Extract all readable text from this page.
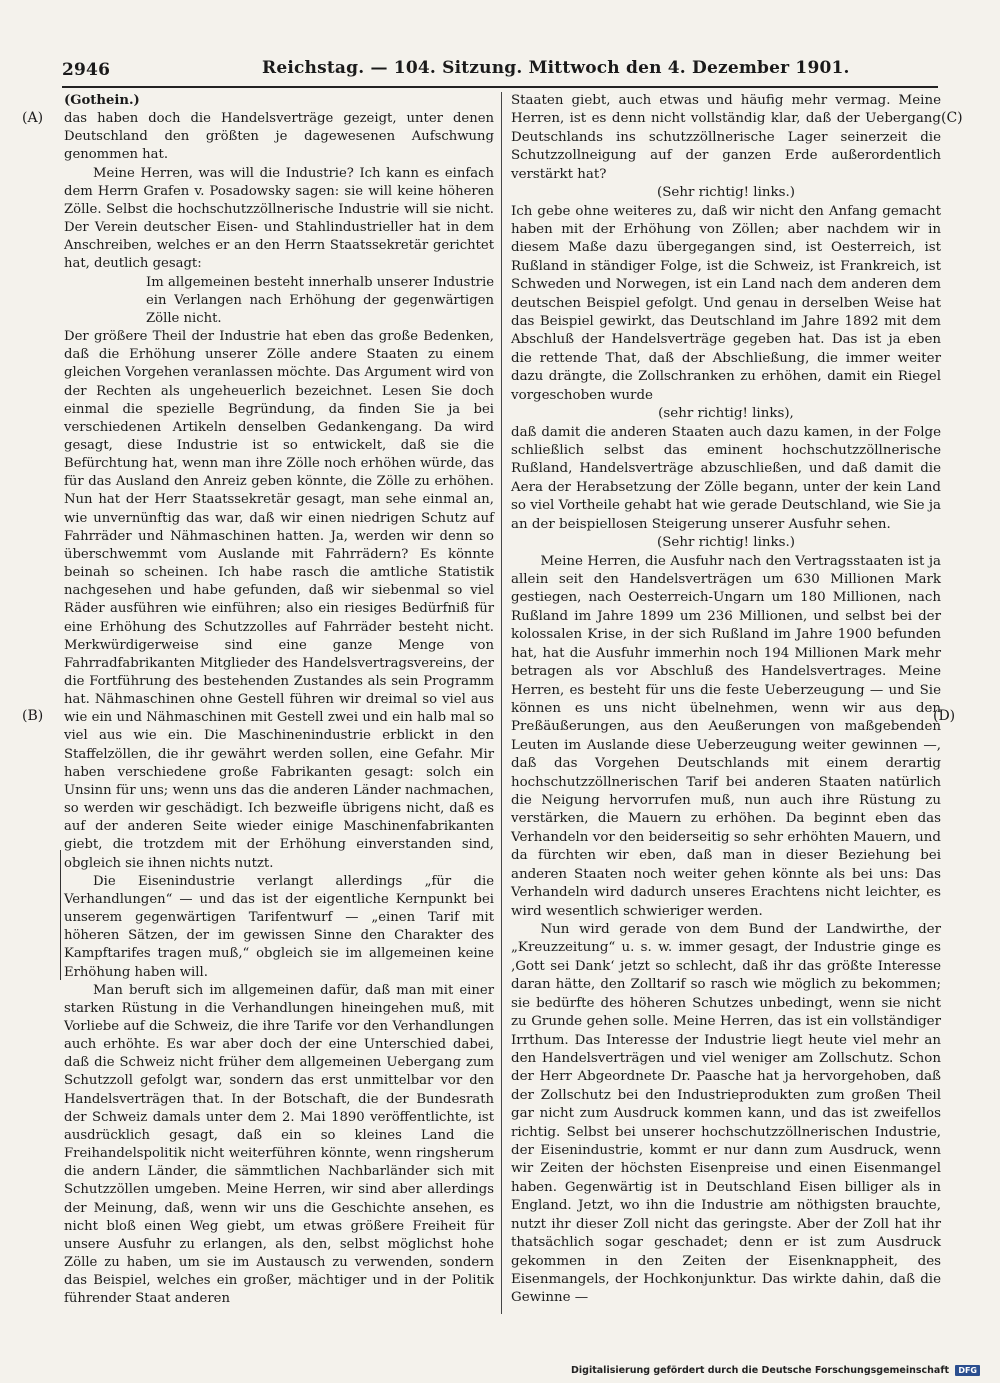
2946	Reichstag. — 104. Sitzung. Mittwoch den 4. Dezember 1901.
(A)
(B)
(C)
(D)

(Gothein.)

das haben doch die Handelsverträge gezeigt, unter denen Deutschland den größten je dagewesenen Aufschwung genommen hat.

Meine Herren, was will die Industrie? Ich kann es einfach dem Herrn Grafen v. Posadowsky sagen: sie will keine höheren Zölle. Selbst die hochschutzzöllnerische Industrie will sie nicht. Der Verein deutscher Eisen- und Stahlindustrieller hat in dem Anschreiben, welches er an den Herrn Staatssekretär gerichtet hat, deutlich gesagt:

Im allgemeinen besteht innerhalb unserer Industrie ein Verlangen nach Erhöhung der gegenwärtigen Zölle nicht.

Der größere Theil der Industrie hat eben das große Bedenken, daß die Erhöhung unserer Zölle andere Staaten zu einem gleichen Vorgehen veranlassen möchte. Das Argument wird von der Rechten als ungeheuerlich bezeichnet. Lesen Sie doch einmal die spezielle Begründung, da finden Sie ja bei verschiedenen Artikeln denselben Gedankengang. Da wird gesagt, diese Industrie ist so entwickelt, daß sie die Befürchtung hat, wenn man ihre Zölle noch erhöhen würde, das für das Ausland den Anreiz geben könnte, die Zölle zu erhöhen. Nun hat der Herr Staatssekretär gesagt, man sehe einmal an, wie unvernünftig das war, daß wir einen niedrigen Schutz auf Fahrräder und Nähmaschinen hatten. Ja, werden wir denn so überschwemmt vom Auslande mit Fahrrädern? Es könnte beinah so scheinen. Ich habe rasch die amtliche Statistik nachgesehen und habe gefunden, daß wir siebenmal so viel Räder ausführen wie einführen; also ein riesiges Bedürfniß für eine Erhöhung des Schutzzolles auf Fahrräder besteht nicht. Merkwürdigerweise sind eine ganze Menge von Fahrradfabrikanten Mitglieder des Handelsvertragsvereins, der die Fortführung des bestehenden Zustandes als sein Programm hat. Nähmaschinen ohne Gestell führen wir dreimal so viel aus wie ein und Nähmaschinen mit Gestell zwei und ein halb mal so viel aus wie ein. Die Maschinenindustrie erblickt in den Staffelzöllen, die ihr gewährt werden sollen, eine Gefahr. Mir haben verschiedene große Fabrikanten gesagt: solch ein Unsinn für uns; wenn uns das die anderen Länder nachmachen, so werden wir geschädigt. Ich bezweifle übrigens nicht, daß es auf der anderen Seite wieder einige Maschinenfabrikanten giebt, die trotzdem mit der Erhöhung einverstanden sind, obgleich sie ihnen nichts nutzt.

Die Eisenindustrie verlangt allerdings „für die Verhandlungen“ — und das ist der eigentliche Kernpunkt bei unserem gegenwärtigen Tarifentwurf — „einen Tarif mit höheren Sätzen, der im gewissen Sinne den Charakter des Kampftarifes tragen muß,“ obgleich sie im allgemeinen keine Erhöhung haben will.

Man beruft sich im allgemeinen dafür, daß man mit einer starken Rüstung in die Verhandlungen hineingehen muß, mit Vorliebe auf die Schweiz, die ihre Tarife vor den Verhandlungen auch erhöhte. Es war aber doch der eine Unterschied dabei, daß die Schweiz nicht früher dem allgemeinen Uebergang zum Schutzzoll gefolgt war, sondern das erst unmittelbar vor den Handelsverträgen that. In der Botschaft, die der Bundesrath der Schweiz damals unter dem 2. Mai 1890 veröffentlichte, ist ausdrücklich gesagt, daß ein so kleines Land die Freihandelspolitik nicht weiterführen könnte, wenn ringsherum die andern Länder, die sämmtlichen Nachbarländer sich mit Schutzzöllen umgeben. Meine Herren, wir sind aber allerdings der Meinung, daß, wenn wir uns die Geschichte ansehen, es nicht bloß einen Weg giebt, um etwas größere Freiheit für unsere Ausfuhr zu erlangen, als den, selbst möglichst hohe Zölle zu haben, um sie im Austausch zu verwenden, sondern das Beispiel, welches ein großer, mächtiger und in der Politik führender Staat anderen

Staaten giebt, auch etwas und häufig mehr vermag. Meine Herren, ist es denn nicht vollständig klar, daß der Uebergang Deutschlands ins schutzzöllnerische Lager seinerzeit die Schutzzollneigung auf der ganzen Erde außerordentlich verstärkt hat?

(Sehr richtig! links.)

Ich gebe ohne weiteres zu, daß wir nicht den Anfang gemacht haben mit der Erhöhung von Zöllen; aber nachdem wir in diesem Maße dazu übergegangen sind, ist Oesterreich, ist Rußland in ständiger Folge, ist die Schweiz, ist Frankreich, ist Schweden und Norwegen, ist ein Land nach dem anderen dem deutschen Beispiel gefolgt. Und genau in derselben Weise hat das Beispiel gewirkt, das Deutschland im Jahre 1892 mit dem Abschluß der Handelsverträge gegeben hat. Das ist ja eben die rettende That, daß der Abschließung, die immer weiter dazu drängte, die Zollschranken zu erhöhen, damit ein Riegel vorgeschoben wurde

(sehr richtig! links),

daß damit die anderen Staaten auch dazu kamen, in der Folge schließlich selbst das eminent hochschutzzöllnerische Rußland, Handelsverträge abzuschließen, und daß damit die Aera der Herabsetzung der Zölle begann, unter der kein Land so viel Vortheile gehabt hat wie gerade Deutschland, wie Sie ja an der beispiellosen Steigerung unserer Ausfuhr sehen.

(Sehr richtig! links.)

Meine Herren, die Ausfuhr nach den Vertragsstaaten ist ja allein seit den Handelsverträgen um 630 Millionen Mark gestiegen, nach Oesterreich-Ungarn um 180 Millionen, nach Rußland im Jahre 1899 um 236 Millionen, und selbst bei der kolossalen Krise, in der sich Rußland im Jahre 1900 befunden hat, hat die Ausfuhr immerhin noch 194 Millionen Mark mehr betragen als vor Abschluß des Handelsvertrages. Meine Herren, es besteht für uns die feste Ueberzeugung — und Sie können es uns nicht übelnehmen, wenn wir aus den Preßäußerungen, aus den Aeußerungen von maßgebenden Leuten im Auslande diese Ueberzeugung weiter gewinnen —, daß das Vorgehen Deutschlands mit einem derartig hochschutzzöllnerischen Tarif bei anderen Staaten natürlich die Neigung hervorrufen muß, nun auch ihre Rüstung zu verstärken, die Mauern zu erhöhen. Da beginnt eben das Verhandeln vor den beiderseitig so sehr erhöhten Mauern, und da fürchten wir eben, daß man in dieser Beziehung bei anderen Staaten noch weiter gehen könnte als bei uns: Das Verhandeln wird dadurch unseres Erachtens nicht leichter, es wird wesentlich schwieriger werden.

Nun wird gerade von dem Bund der Landwirthe, der „Kreuzzeitung“ u. s. w. immer gesagt, der Industrie ginge es ‚Gott sei Dank‘ jetzt so schlecht, daß ihr das größte Interesse daran hätte, den Zolltarif so rasch wie möglich zu bekommen; sie bedürfte des höheren Schutzes unbedingt, wenn sie nicht zu Grunde gehen solle. Meine Herren, das ist ein vollständiger Irrthum. Das Interesse der Industrie liegt heute viel mehr an den Handelsverträgen und viel weniger am Zollschutz. Schon der Herr Abgeordnete Dr. Paasche hat ja hervorgehoben, daß der Zollschutz bei den Industrieprodukten zum großen Theil gar nicht zum Ausdruck kommen kann, und das ist zweifellos richtig. Selbst bei unserer hochschutzzöllnerischen Industrie, der Eisenindustrie, kommt er nur dann zum Ausdruck, wenn wir Zeiten der höchsten Eisenpreise und einen Eisenmangel haben. Gegenwärtig ist in Deutschland Eisen billiger als in England. Jetzt, wo ihn die Industrie am nöthigsten brauchte, nutzt ihr dieser Zoll nicht das geringste. Aber der Zoll hat ihr thatsächlich sogar geschadet; denn er ist zum Ausdruck gekommen in den Zeiten der Eisenknappheit, des Eisenmangels, der Hochkonjunktur. Das wirkte dahin, daß die Gewinne —

Digitalisierung gefördert durch die Deutsche Forschungsgemeinschaft DFG
